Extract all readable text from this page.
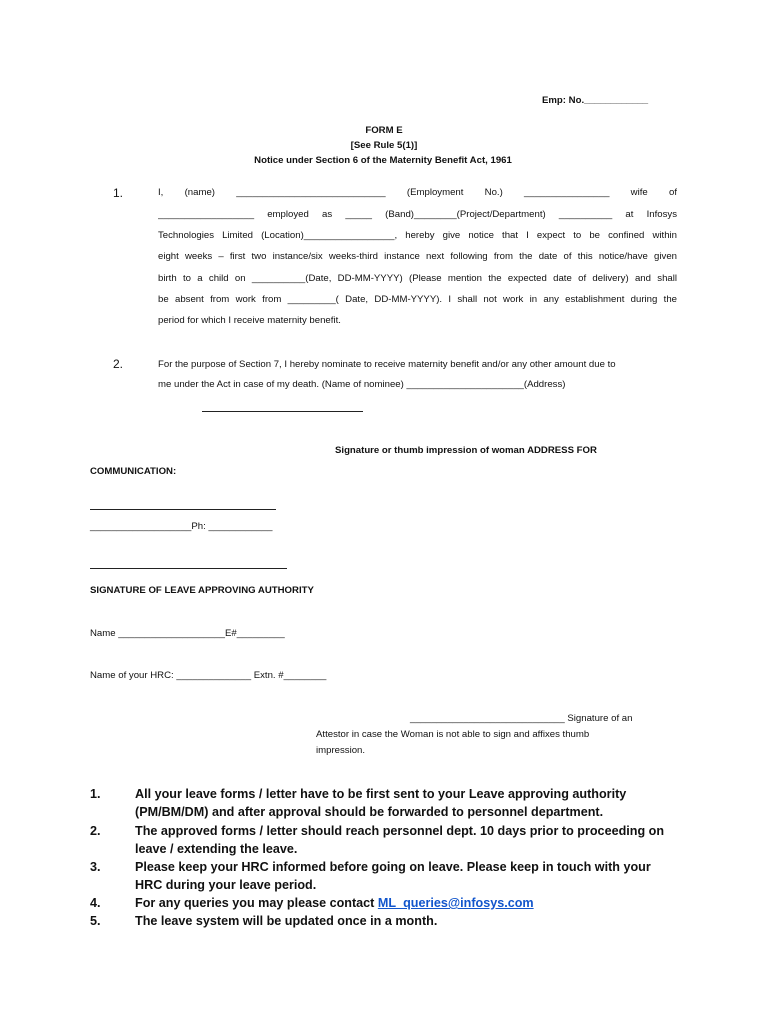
Emp: No.____________
FORM E
[See Rule 5(1)]
Notice under Section 6 of the Maternity Benefit Act, 1961
1.	I, (name) ____________________________ (Employment No.) ________________ wife of
__________________ employed as _____ (Band)________(Project/Department) __________ at Infosys
Technologies Limited (Location)_________________, hereby give notice that I expect to be confined within
eight weeks – first two instance/six weeks-third instance next following from the date of this notice/have given
birth to a child on __________(Date, DD-MM-YYYY) (Please mention the expected date of delivery) and shall
be absent from work from _________( Date, DD-MM-YYYY). I shall not work in any establishment during the
period for which I receive maternity benefit.
2.	For the purpose of Section 7, I hereby nominate to receive maternity benefit and/or any other amount due to
me under the Act in case of my death. (Name of nominee) ______________________(Address)
Signature or thumb impression of woman ADDRESS FOR
COMMUNICATION:
___________________Ph: ____________
SIGNATURE OF LEAVE APPROVING AUTHORITY
Name ____________________E#_________
Name of your HRC: ______________ Extn. #________
_____________________________ Signature of an
Attestor in case the Woman is not able to sign and affixes thumb
impression.
1.	All your leave forms / letter have to be first sent to your Leave approving authority
(PM/BM/DM) and after approval should be forwarded to personnel department.
2.	The approved forms / letter should reach personnel dept. 10 days prior to proceeding on
leave / extending the leave.
3.	Please keep your HRC informed before going on leave. Please keep in touch with your
HRC during your leave period.
4.	For any queries you may please contact ML_queries@infosys.com
5.	The leave system will be updated once in a month.
